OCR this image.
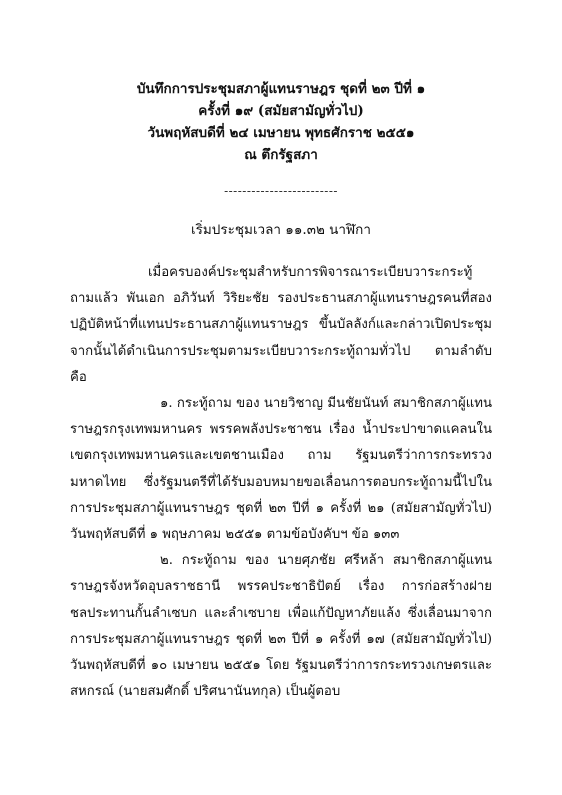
บันทึกการประชุมสภาผู้แทนราษฎร ชุดที่ ๒๓ ปีที่ ๑
ครั้งที่ ๑๙ (สมัยสามัญทั่วไป)
วันพฤหัสบดีที่ ๒๔ เมษายน พุทธศักราช ๒๕๕๑
ณ ตึกรัฐสภา
-------------------------
เริ่มประชุมเวลา ๑๑.๓๒ นาฬิกา

เมื่อครบองค์ประชุมสำหรับการพิจารณาระเบียบวาระกระทู้ถามแล้ว พันเอก อภิวันท์ วิริยะชัย รองประธานสภาผู้แทนราษฎรคนที่สอง ปฏิบัติหน้าที่แทนประธานสภาผู้แทนราษฎร ขึ้นบัลลังก์และกล่าวเปิดประชุม จากนั้นได้ดำเนินการประชุมตามระเบียบวาระกระทู้ถามทั่วไป ตามลำดับ คือ

๑. กระทู้ถาม ของ นายวิชาญ มีนชัยนันท์ สมาชิกสภาผู้แทนราษฎรกรุงเทพมหานคร พรรคพลังประชาชน เรื่อง น้ำประปาขาดแคลนในเขตกรุงเทพมหานครและเขตชานเมือง ถาม รัฐมนตรีว่าการกระทรวงมหาดไทย ซึ่งรัฐมนตรีที่ได้รับมอบหมายขอเลื่อนการตอบกระทู้ถามนี้ไปในการประชุมสภาผู้แทนราษฎร ชุดที่ ๒๓ ปีที่ ๑ ครั้งที่ ๒๑ (สมัยสามัญทั่วไป) วันพฤหัสบดีที่ ๑ พฤษภาคม ๒๕๕๑ ตามข้อบังคับฯ ข้อ ๑๓๓

๒. กระทู้ถาม ของ นายศุภชัย ศรีหล้า สมาชิกสภาผู้แทนราษฎรจังหวัดอุบลราชธานี พรรคประชาธิปัตย์ เรื่อง การก่อสร้างฝายชลประทานกั้นลำเซบก และลำเซบาย เพื่อแก้ปัญหาภัยแล้ง ซึ่งเลื่อนมาจากการประชุมสภาผู้แทนราษฎร ชุดที่ ๒๓ ปีที่ ๑ ครั้งที่ ๑๗ (สมัยสามัญทั่วไป) วันพฤหัสบดีที่ ๑๐ เมษายน ๒๕๕๑ โดย รัฐมนตรีว่าการกระทรวงเกษตรและสหกรณ์ (นายสมศักดิ์ ปริศนานันทกุล) เป็นผู้ตอบ
